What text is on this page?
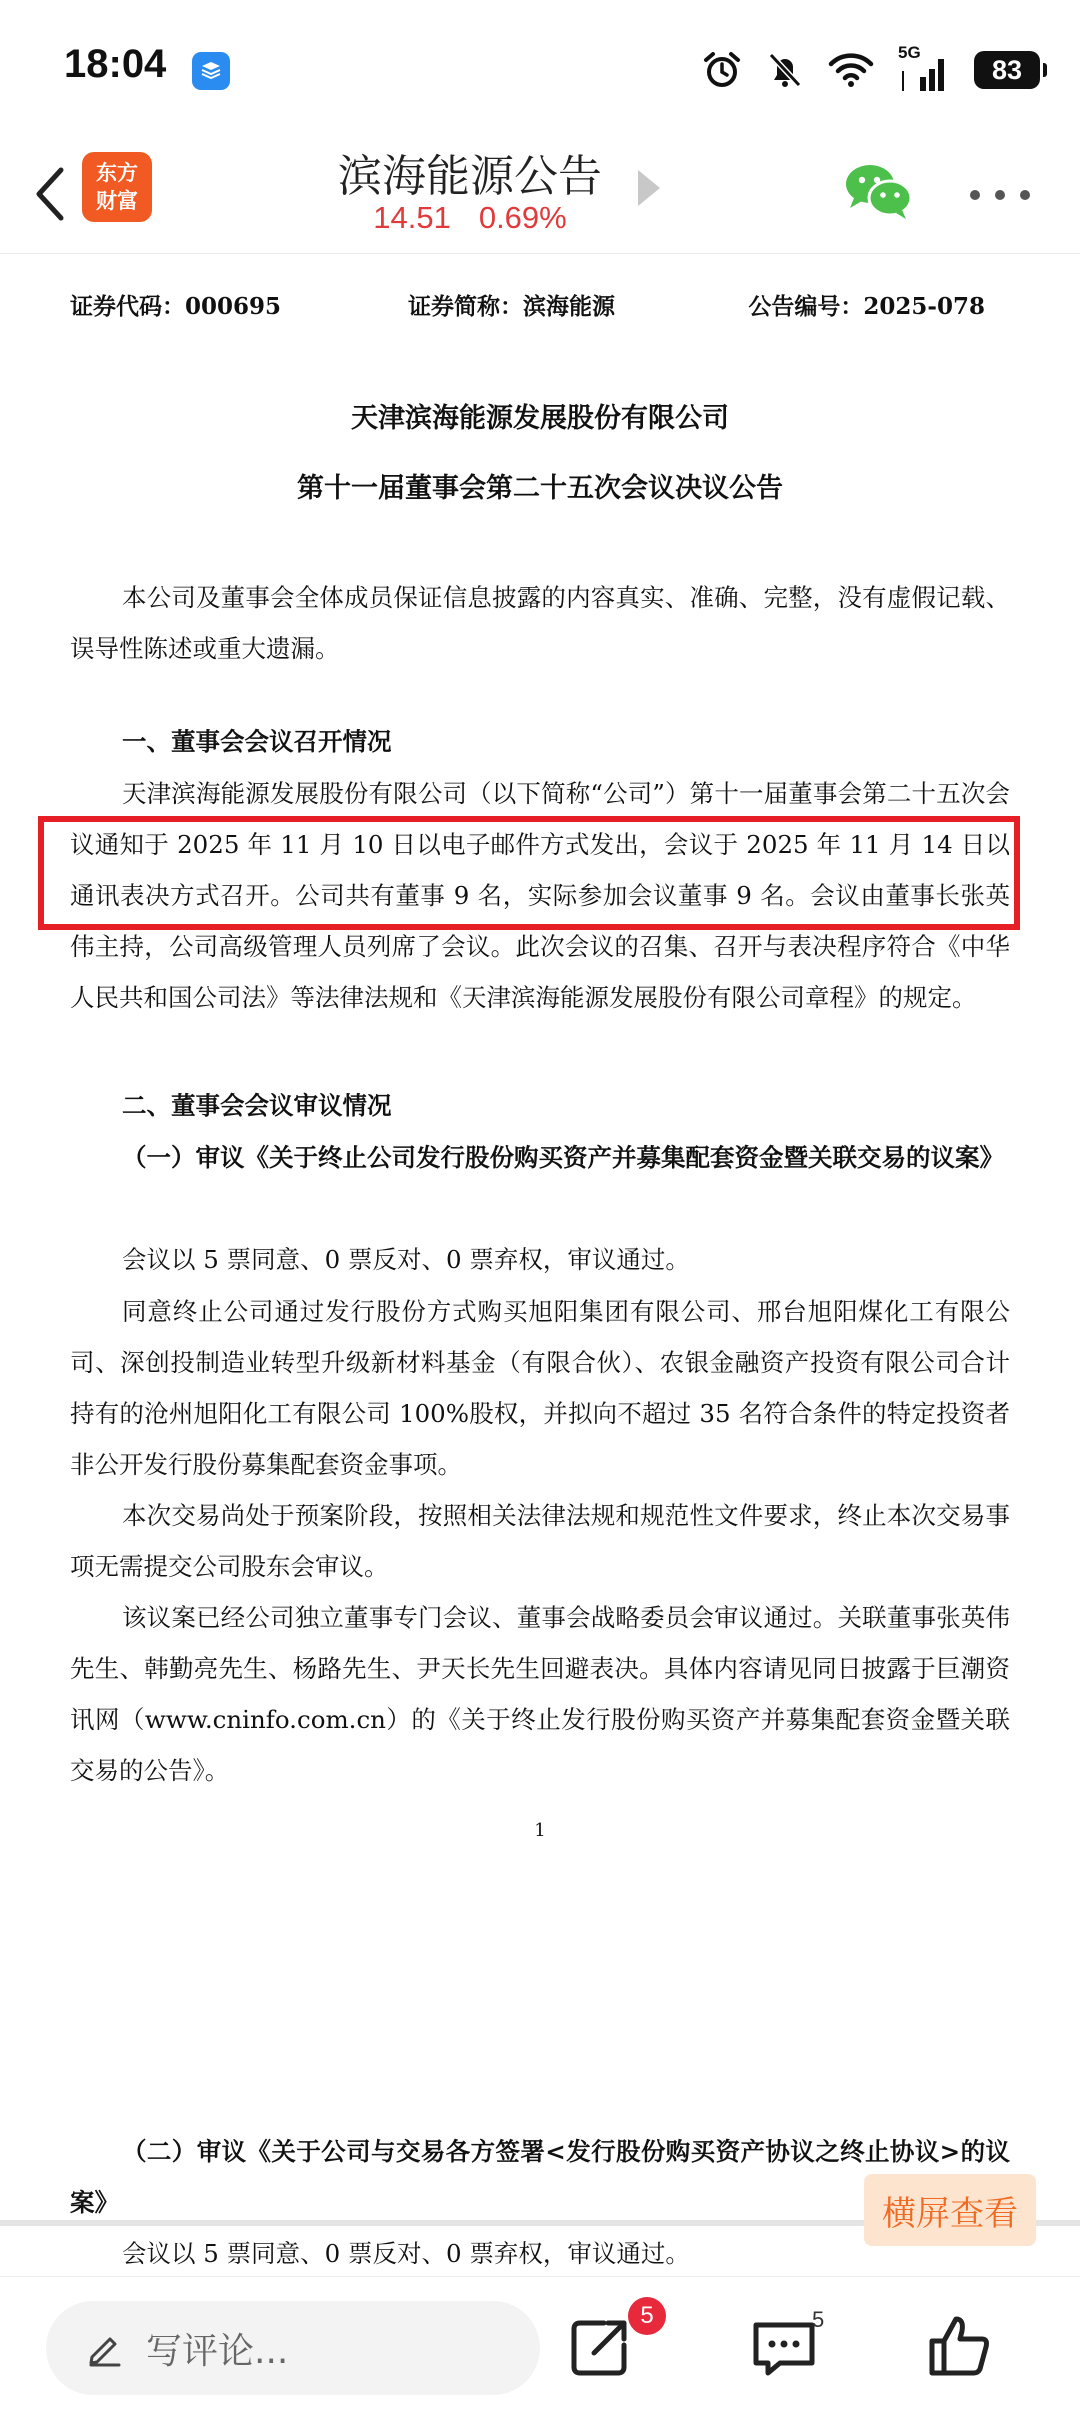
18:04	5G
83
东方
财富	滨海能源公告
14.51 0.69%
证券代码：000695	证券简称：滨海能源	公告编号：2025-078
天津滨海能源发展股份有限公司
第十一届董事会第二十五次会议决议公告
本公司及董事会全体成员保证信息披露的内容真实、准确、完整，没有虚假记载、误导性陈述或重大遗漏。
一、董事会会议召开情况
天津滨海能源发展股份有限公司（以下简称“公司”）第十一届董事会第二十五次会议通知于 2025 年 11 月 10 日以电子邮件方式发出，会议于 2025 年 11 月 14 日以通讯表决方式召开。公司共有董事 9 名，实际参加会议董事 9 名。会议由董事长张英伟主持，公司高级管理人员列席了会议。此次会议的召集、召开与表决程序符合《中华人民共和国公司法》等法律法规和《天津滨海能源发展股份有限公司章程》的规定。
二、董事会会议审议情况
（一）审议《关于终止公司发行股份购买资产并募集配套资金暨关联交易的议案》
会议以 5 票同意、0 票反对、0 票弃权，审议通过。
同意终止公司通过发行股份方式购买旭阳集团有限公司、邢台旭阳煤化工有限公司、深创投制造业转型升级新材料基金（有限合伙）、农银金融资产投资有限公司合计持有的沧州旭阳化工有限公司 100%股权，并拟向不超过 35 名符合条件的特定投资者非公开发行股份募集配套资金事项。
本次交易尚处于预案阶段，按照相关法律法规和规范性文件要求，终止本次交易事项无需提交公司股东会审议。
该议案已经公司独立董事专门会议、董事会战略委员会审议通过。关联董事张英伟先生、韩勤亮先生、杨路先生、尹天长先生回避表决。具体内容请见同日披露于巨潮资讯网（www.cninfo.com.cn）的《关于终止发行股份购买资产并募集配套资金暨关联交易的公告》。
1
（二）审议《关于公司与交易各方签署<发行股份购买资产协议之终止协议>的议案》
会议以 5 票同意、0 票反对、0 票弃权，审议通过。
横屏查看
写评论...
5	5
